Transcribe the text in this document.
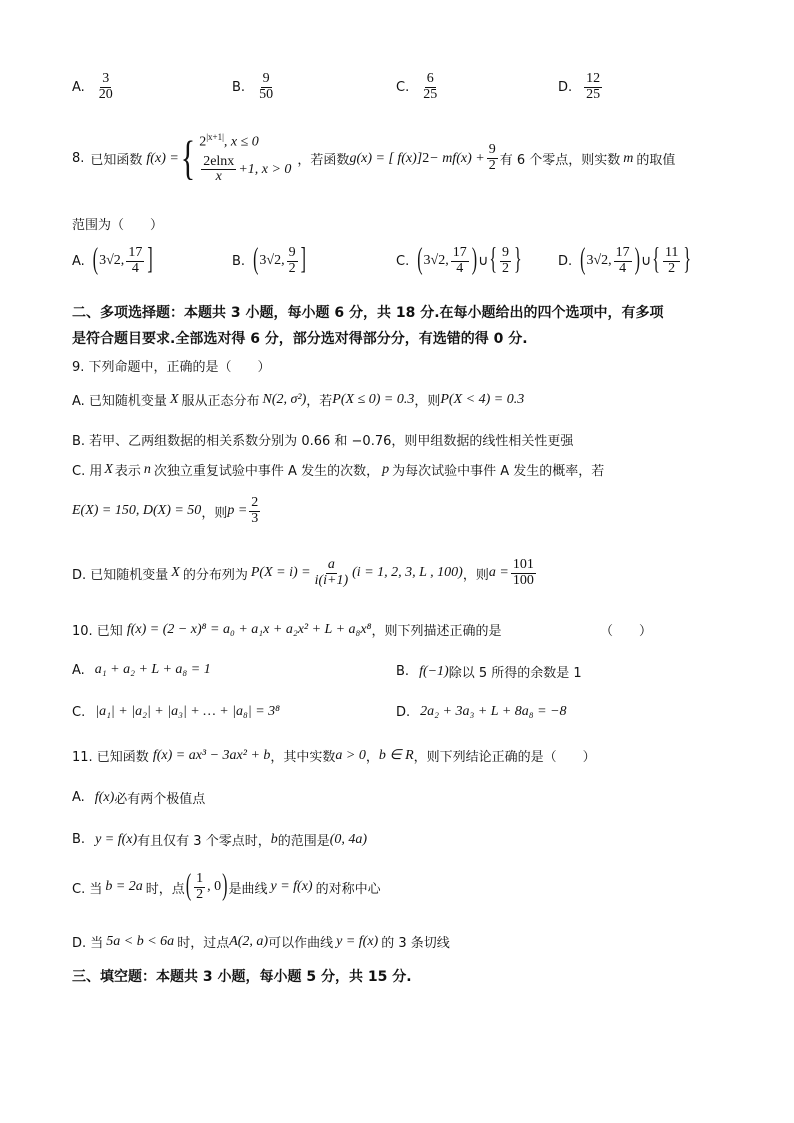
A. $\frac{3}{20}$	B. $\frac{9}{50}$	C. $\frac{6}{25}$	D. $\frac{12}{25}$
8. 已知函数 f(x) = { $2^{|x+1|}$, x ≤ 0
$\frac{2elnx}{x} +1$, x > 0
，若函数 g(x) = [ f(x)] $2 - mf(x) + \frac{9}{2}$ 有 6 个零点，则实数 m 的取值
范围为（　　）
A. ( 3√2, $\frac{17}{4}$ ]	B. ( 3√2, $\frac{9}{2}$ ]	C. ( 3√2, $\frac{17}{4}$ ) ∪ { $\frac{9}{2}$ }	D. ( 3√2, $\frac{17}{4}$ ) ∪ { $\frac{11}{2}$ }
二、多项选择题：本题共 3 小题，每小题 6 分，共 18 分.在每小题给出的四个选项中，有多项
是符合题目要求.全部选对得 6 分，部分选对得部分分，有选错的得 0 分.
9. 下列命题中，正确的是（　　）
A. 已知随机变量 X 服从正态分布 N(2, σ²) ，若 P(X ≤ 0) = 0.3 ，则 P(X < 4) = 0.3
B. 若甲、乙两组数据的相关系数分别为 0.66 和 −0.76，则甲组数据的线性相关性更强
C. 用 X 表示 n 次独立重复试验中事件 A 发生的次数， p 为每次试验中事件 A 发生的概率，若
E(X) = 150, D(X) = 50 ，则 $p = \frac{2}{3}$
D. 已知随机变量 X 的分布列为 $P(X = i) = \frac{a}{i(i+1)} (i = 1$, 2, 3, L , 100) ，则 $a = \frac{101}{100}$
10. 已知 f(x) = (2 − x)⁸ = a₀ + a₁x + a₂x² + L + a₈x⁸ ，则下列描述正确的是	（　　）
A. a₁ + a₂ + L + a₈ = 1	B. f(−1) 除以 5 所得的余数是 1
C. |a₁| + |a₂| + |a₃| + … + |a₈| = 3⁸	D. 2a₂ + 3a₃ + L + 8a₈ = −8
11. 已知函数 f(x) = ax³ − 3ax² + b ，其中实数 a > 0 ， b ∈ R ，则下列结论正确的是（　　）
A. f(x) 必有两个极值点
B. y = f(x) 有且仅有 3 个零点时， b 的范围是 (0, 4a)
C. 当 b = 2a 时，点 ( $\frac{1}{2}$ , 0 ) 是曲线 y = f(x) 的对称中心
D. 当 5a < b < 6a 时，过点 A(2, a) 可以作曲线 y = f(x) 的 3 条切线
三、填空题：本题共 3 小题，每小题 5 分，共 15 分.
